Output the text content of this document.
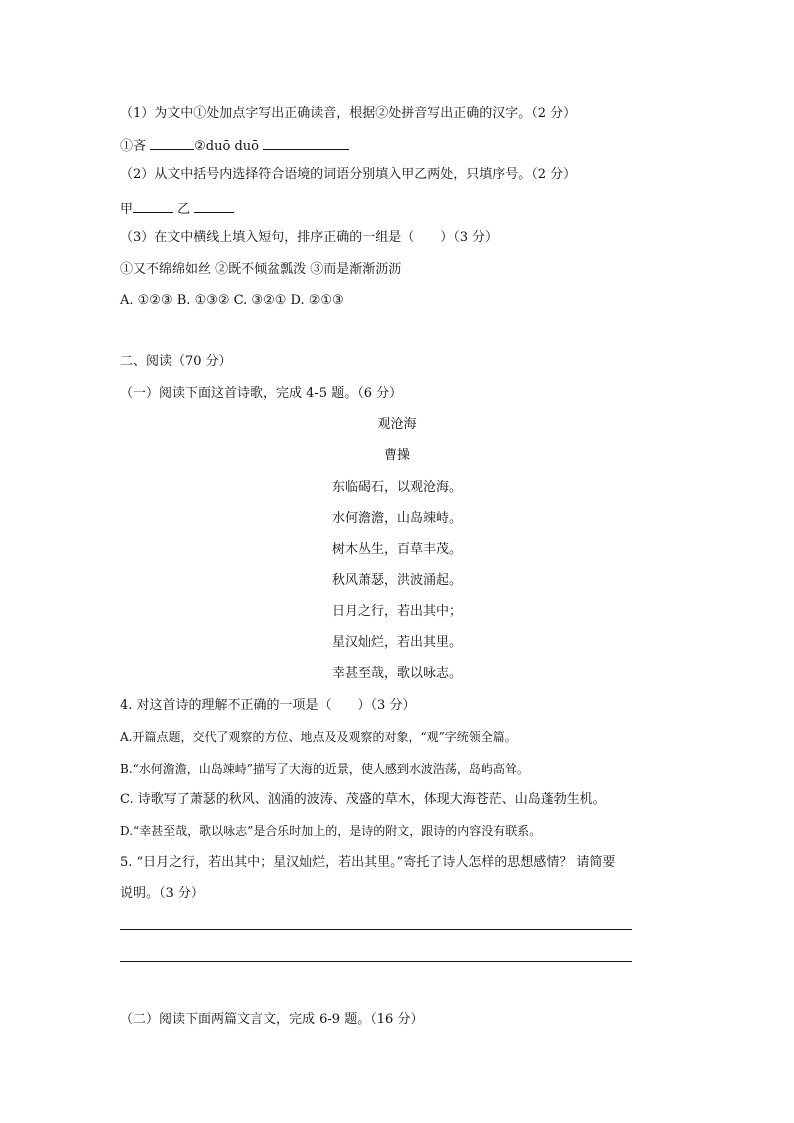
（1）为文中①处加点字写出正确读音，根据②处拼音写出正确的汉字。（2 分）
①吝	②duō duō
（2）从文中括号内选择符合语境的词语分别填入甲乙两处，只填序号。（2 分）
甲	乙
（3）在文中横线上填入短句，排序正确的一组是（　　）（3 分）
①又不绵绵如丝 ②既不倾盆瓢泼 ③而是渐渐沥沥
A. ①②③ B. ①③② C. ③②① D. ②①③
二、阅读（70 分）
（一）阅读下面这首诗歌，完成 4-5 题。（6 分）
观沧海
曹操
东临碣石，以观沧海。
水何澹澹，山岛竦峙。
树木丛生，百草丰茂。
秋风萧瑟，洪波涌起。
日月之行，若出其中；
星汉灿烂，若出其里。
幸甚至哉，歌以咏志。
4. 对这首诗的理解不正确的一项是（　　）（3 分）
A.开篇点题，交代了观察的方位、地点及及观察的对象，“观”字统领全篇。
B.“水何澹澹，山岛竦峙”描写了大海的近景，使人感到水波浩荡，岛屿高耸。
C. 诗歌写了萧瑟的秋风、汹涌的波涛、茂盛的草木，体现大海苍茫、山岛蓬勃生机。
D.“幸甚至哉，歌以咏志”是合乐时加上的，是诗的附文，跟诗的内容没有联系。
5. “日月之行，若出其中；星汉灿烂，若出其里。”寄托了诗人怎样的思想感情？ 请简要
说明。（3 分）
（二）阅读下面两篇文言文，完成 6-9 题。（16 分）
